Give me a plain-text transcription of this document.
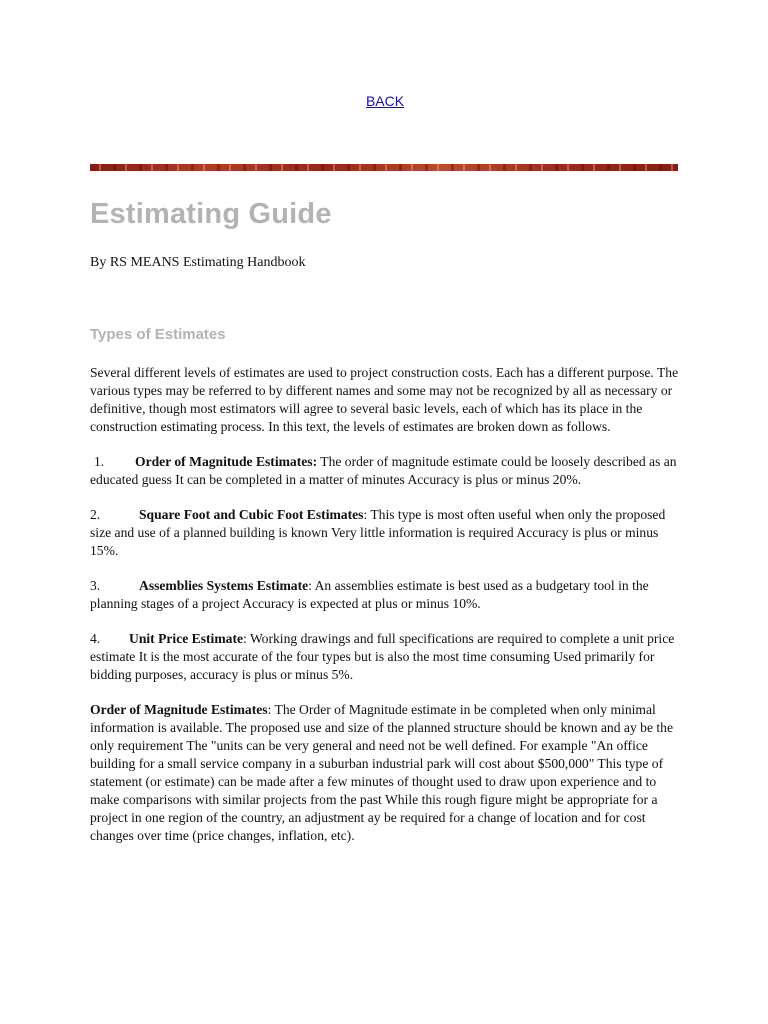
BACK
Estimating Guide
By RS MEANS Estimating Handbook
Types of Estimates

Several different levels of estimates are used to project construction costs. Each has a different purpose. The various types may be referred to by different names and some may not be recognized by all as necessary or definitive, though most estimators will agree to several basic levels, each of which has its place in the construction estimating process. In this text, the levels of estimates are broken down as follows.

1. Order of Magnitude Estimates: The order of magnitude estimate could be loosely described as an educated guess It can be completed in a matter of minutes Accuracy is plus or minus 20%.

2.	Square Foot and Cubic Foot Estimates: This type is most often useful when only the proposed size and use of a planned building is known Very little information is required Accuracy is plus or minus 15%.

3.	Assemblies Systems Estimate: An assemblies estimate is best used as a budgetary tool in the planning stages of a project Accuracy is expected at plus or minus 10%.

4. Unit Price Estimate: Working drawings and full specifications are required to complete a unit price estimate It is the most accurate of the four types but is also the most time consuming Used primarily for bidding purposes, accuracy is plus or minus 5%.

Order of Magnitude Estimates: The Order of Magnitude estimate in be completed when only minimal information is available. The proposed use and size of the planned structure should be known and ay be the only requirement The "units can be very general and need not be well defined. For example "An office building for a small service company in a suburban industrial park will cost about $500,000" This type of statement (or estimate) can be made after a few minutes of thought used to draw upon experience and to make comparisons with similar projects from the past While this rough figure might be appropriate for a project in one region of the country, an adjustment ay be required for a change of location and for cost changes over time (price changes, inflation, etc).
